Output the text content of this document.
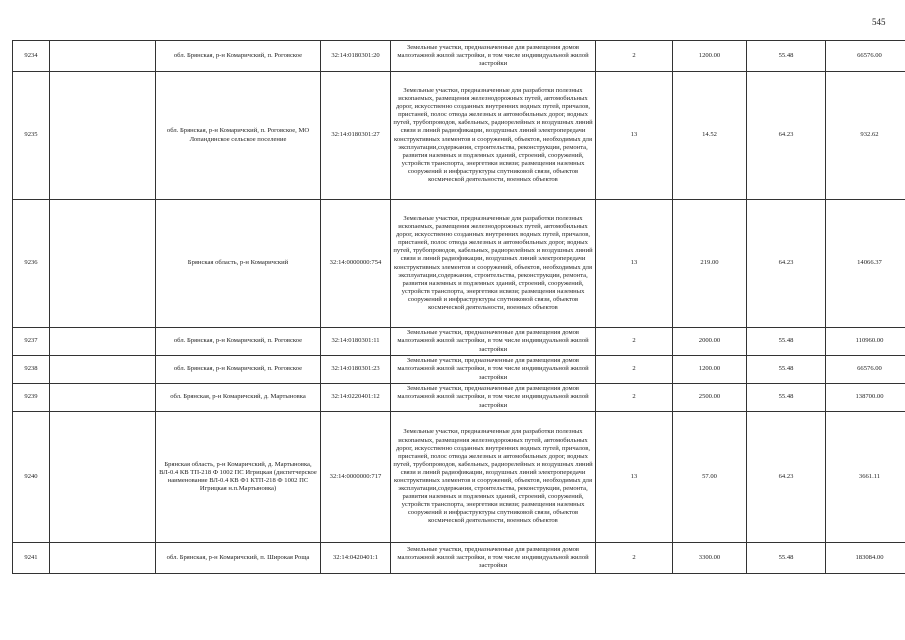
545
9234		обл. Брянская, р-н Комаричский, п. Роговское	32:14:0180301:20	Земельные участки, предназначенные для размещения домов малоэтажной жилой застройки, в том числе индивидуальной жилой застройки	2	1200.00	55.48	66576.00
9235		обл. Брянская, р-н Комаричский, п. Роговское, МО Лопандинское сельское поселение	32:14:0180301:27	Земельные участки, предназначенные для разработки полезных ископаемых, размещения железнодорожных путей, автомобильных дорог, искусственно созданных внутренних водных путей, причалов, пристаней, полос отвода железных и автомобильных дорог, водных путей, трубопроводов, кабельных, радиорелейных и воздушных линий связи и линий радиофикации, воздушных линий электропередачи конструктивных элементов и сооружений, объектов, необходимых для эксплуатации,содержания, строительства, реконструкции, ремонта, развития наземных и подземных зданий, строений, сооружений, устройств транспорта, энергетики исвязи; размещения наземных сооружений и инфраструктуры спутниковой связи, объектов космической деятельности, военных объектов	13	14.52	64.23	932.62
9236		Брянская область, р-н Комаричский	32:14:0000000:754	Земельные участки, предназначенные для разработки полезных ископаемых, размещения железнодорожных путей, автомобильных дорог, искусственно созданных внутренних водных путей, причалов, пристаней, полос отвода железных и автомобильных дорог, водных путей, трубопроводов, кабельных, радиорелейных и воздушных линий связи и линий радиофикации, воздушных линий электропередачи конструктивных элементов и сооружений, объектов, необходимых для эксплуатации,содержания, строительства, реконструкции, ремонта, развития наземных и подземных зданий, строений, сооружений, устройств транспорта, энергетики исвязи; размещения наземных сооружений и инфраструктуры спутниковой связи, объектов космической деятельности, военных объектов	13	219.00	64.23	14066.37
9237		обл. Брянская, р-н Комаричский, п. Роговское	32:14:0180301:11	Земельные участки, предназначенные для размещения домов малоэтажной жилой застройки, в том числе индивидуальной жилой застройки	2	2000.00	55.48	110960.00
9238		обл. Брянская, р-н Комаричский, п. Роговское	32:14:0180301:23	Земельные участки, предназначенные для размещения домов малоэтажной жилой застройки, в том числе индивидуальной жилой застройки	2	1200.00	55.48	66576.00
9239		обл. Брянская, р-н Комаричский, д. Мартыновка	32:14:0220401:12	Земельные участки, предназначенные для размещения домов малоэтажной жилой застройки, в том числе индивидуальной жилой застройки	2	2500.00	55.48	138700.00
9240		Брянская область, р-н Комаричский, д. Мартыновка, ВЛ-0.4 КВ ТП-218 Ф 1002 ПС Игрицкая (диспетчерское наименование ВЛ-0.4 КВ Ф1 КТП-218 Ф 1002 ПС Игрицкая н.п.Мартыновка)	32:14:0000000:717	Земельные участки, предназначенные для разработки полезных ископаемых, размещения железнодорожных путей, автомобильных дорог, искусственно созданных внутренних водных путей, причалов, пристаней, полос отвода железных и автомобильных дорог, водных путей, трубопроводов, кабельных, радиорелейных и воздушных линий связи и линий радиофикации, воздушных линий электропередачи конструктивных элементов и сооружений, объектов, необходимых для эксплуатации,содержания, строительства, реконструкции, ремонта, развития наземных и подземных зданий, строений, сооружений, устройств транспорта, энергетики исвязи; размещения наземных сооружений и инфраструктуры спутниковой связи, объектов космической деятельности, военных объектов	13	57.00	64.23	3661.11
9241		обл. Брянская, р-н Комаричский, п. Широкая Роща	32:14:0420401:1	Земельные участки, предназначенные для размещения домов малоэтажной жилой застройки, в том числе индивидуальной жилой застройки	2	3300.00	55.48	183084.00
